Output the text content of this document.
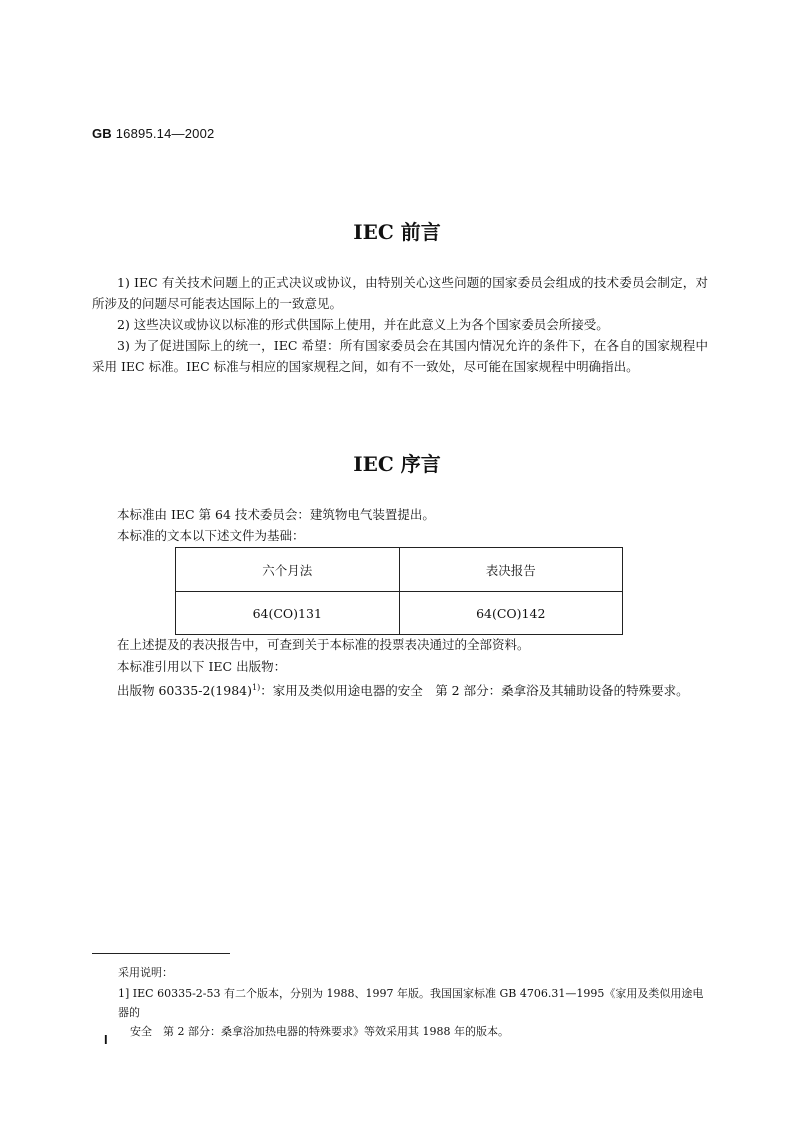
GB 16895.14—2002
IEC 前言

1) IEC 有关技术问题上的正式决议或协议，由特别关心这些问题的国家委员会组成的技术委员会制定，对所涉及的问题尽可能表达国际上的一致意见。

2) 这些决议或协议以标准的形式供国际上使用，并在此意义上为各个国家委员会所接受。

3) 为了促进国际上的统一，IEC 希望：所有国家委员会在其国内情况允许的条件下，在各自的国家规程中采用 IEC 标准。IEC 标准与相应的国家规程之间，如有不一致处，尽可能在国家规程中明确指出。

IEC 序言

本标准由 IEC 第 64 技术委员会：建筑物电气装置提出。

本标准的文本以下述文件为基础：

六个月法	表决报告
64(CO)131	64(CO)142

在上述提及的表决报告中，可查到关于本标准的投票表决通过的全部资料。

本标准引用以下 IEC 出版物：

出版物 $60335-2(1984)^{1)}$：家用及类似用途电器的安全　第 2 部分：桑拿浴及其辅助设备的特殊要求。

采用说明：

1] IEC 60335-2-53 有二个版本，分别为 1988、1997 年版。我国国家标准 GB 4706.31—1995《家用及类似用途电器的
安全　第 2 部分：桑拿浴加热电器的特殊要求》等效采用其 1988 年的版本。

I
